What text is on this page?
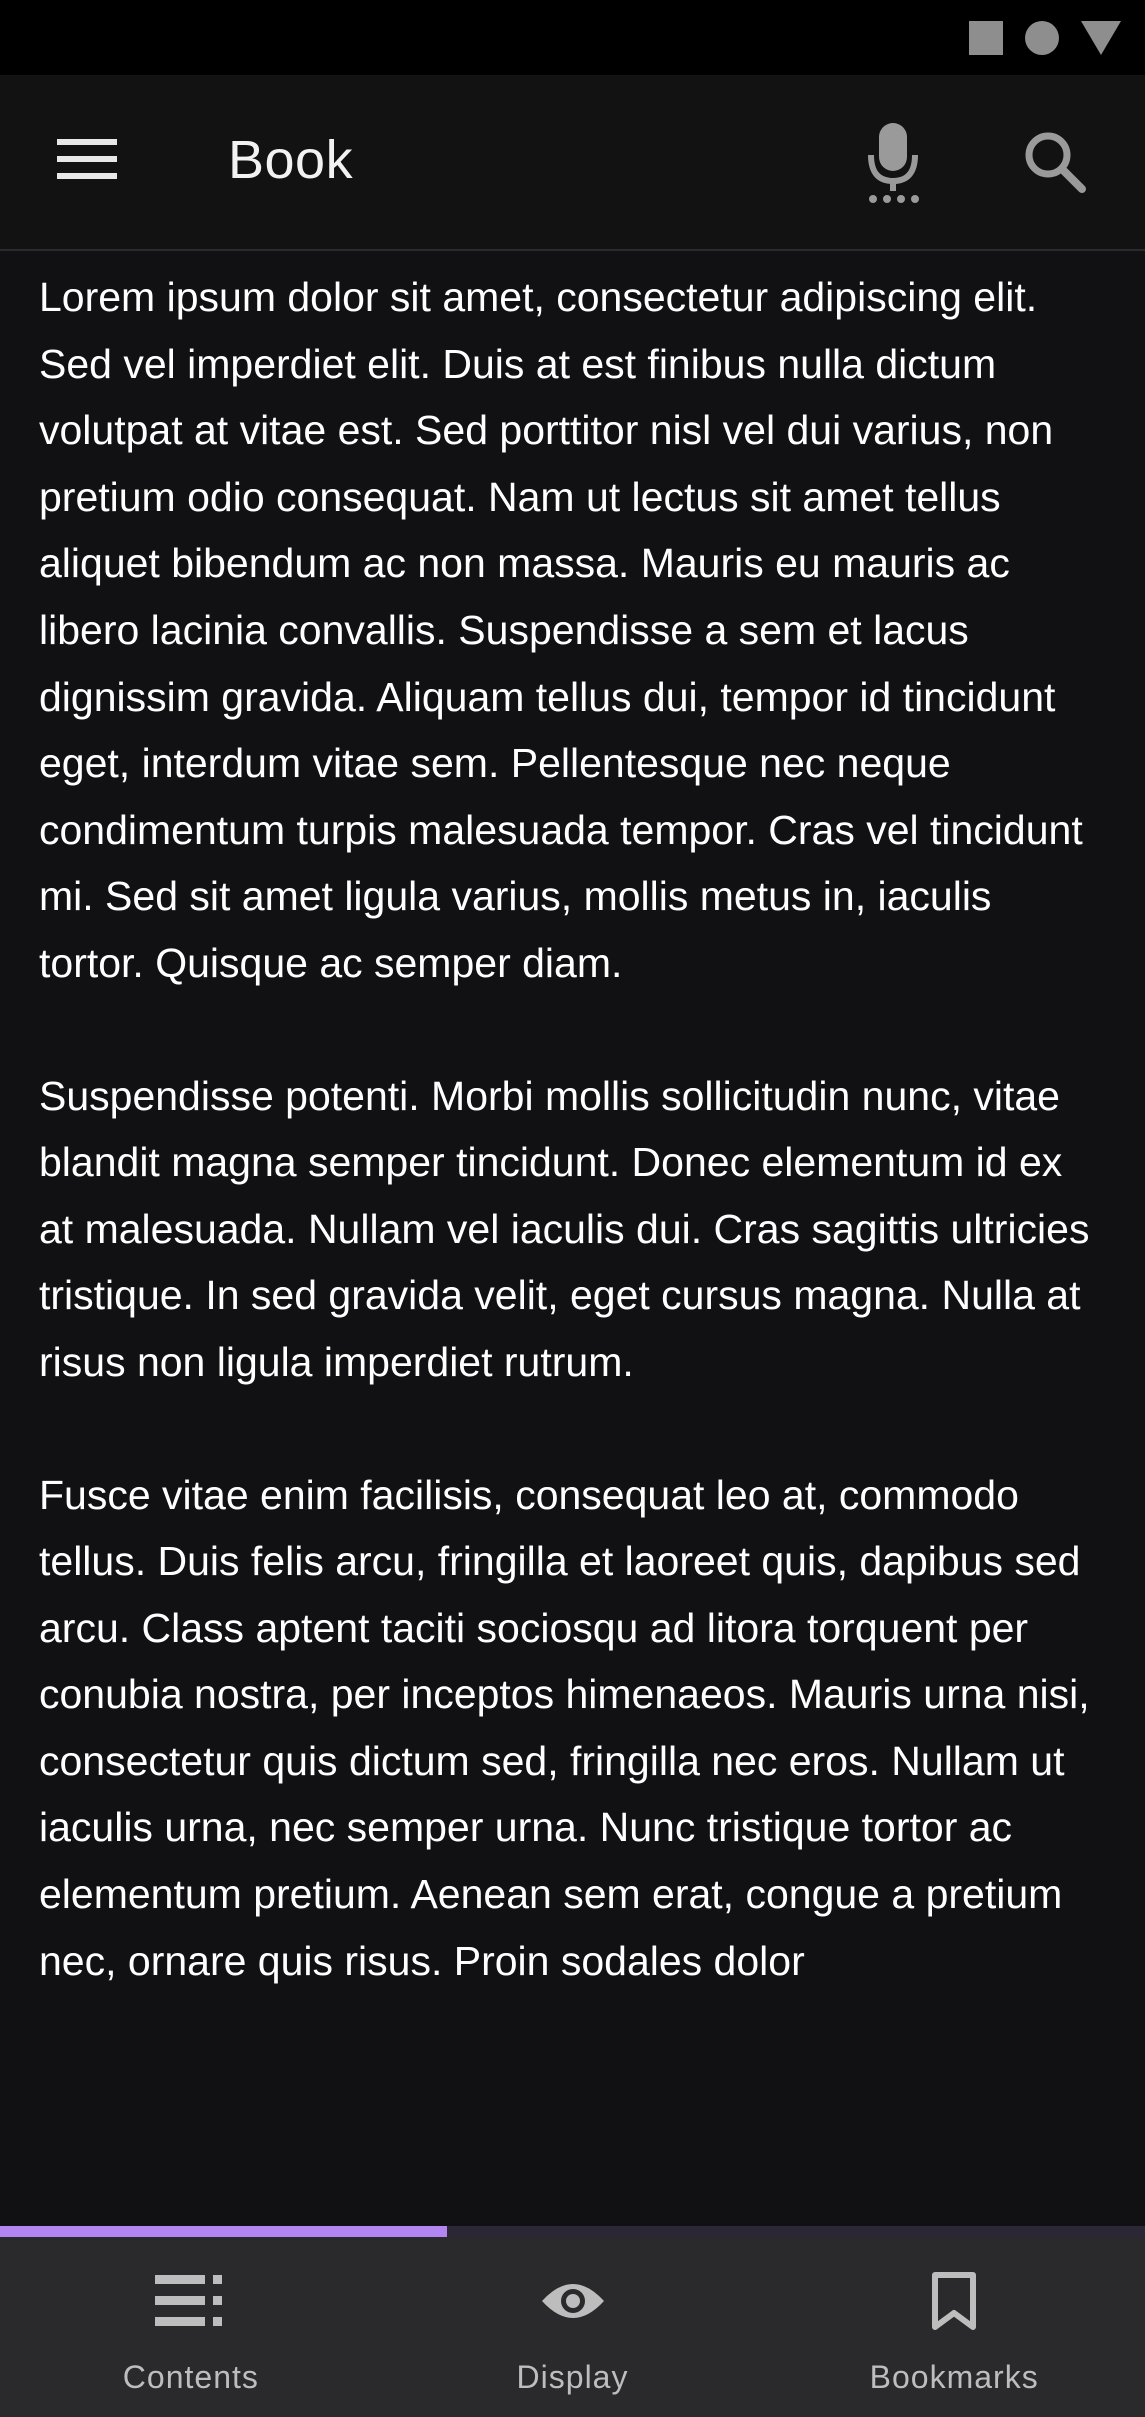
Book

Lorem ipsum dolor sit amet, consectetur adipiscing elit. Sed vel imperdiet elit. Duis at est finibus nulla dictum volutpat at vitae est. Sed porttitor nisl vel dui varius, non pretium odio consequat. Nam ut lectus sit amet tellus aliquet bibendum ac non massa. Mauris eu mauris ac libero lacinia convallis. Suspendisse a sem et lacus dignissim gravida. Aliquam tellus dui, tempor id tincidunt eget, interdum vitae sem. Pellentesque nec neque condimentum turpis malesuada tempor. Cras vel tincidunt mi. Sed sit amet ligula varius, mollis metus in, iaculis tortor. Quisque ac semper diam.

Suspendisse potenti. Morbi mollis sollicitudin nunc, vitae blandit magna semper tincidunt. Donec elementum id ex at malesuada. Nullam vel iaculis dui. Cras sagittis ultricies tristique. In sed gravida velit, eget cursus magna. Nulla at risus non ligula imperdiet rutrum.

Fusce vitae enim facilisis, consequat leo at, commodo tellus. Duis felis arcu, fringilla et laoreet quis, dapibus sed arcu. Class aptent taciti sociosqu ad litora torquent per conubia nostra, per inceptos himenaeos. Mauris urna nisi, consectetur quis dictum sed, fringilla nec eros. Nullam ut iaculis urna, nec semper urna. Nunc tristique tortor ac elementum pretium. Aenean sem erat, congue a pretium nec, ornare quis risus. Proin sodales dolor

Contents	Display	Bookmarks
